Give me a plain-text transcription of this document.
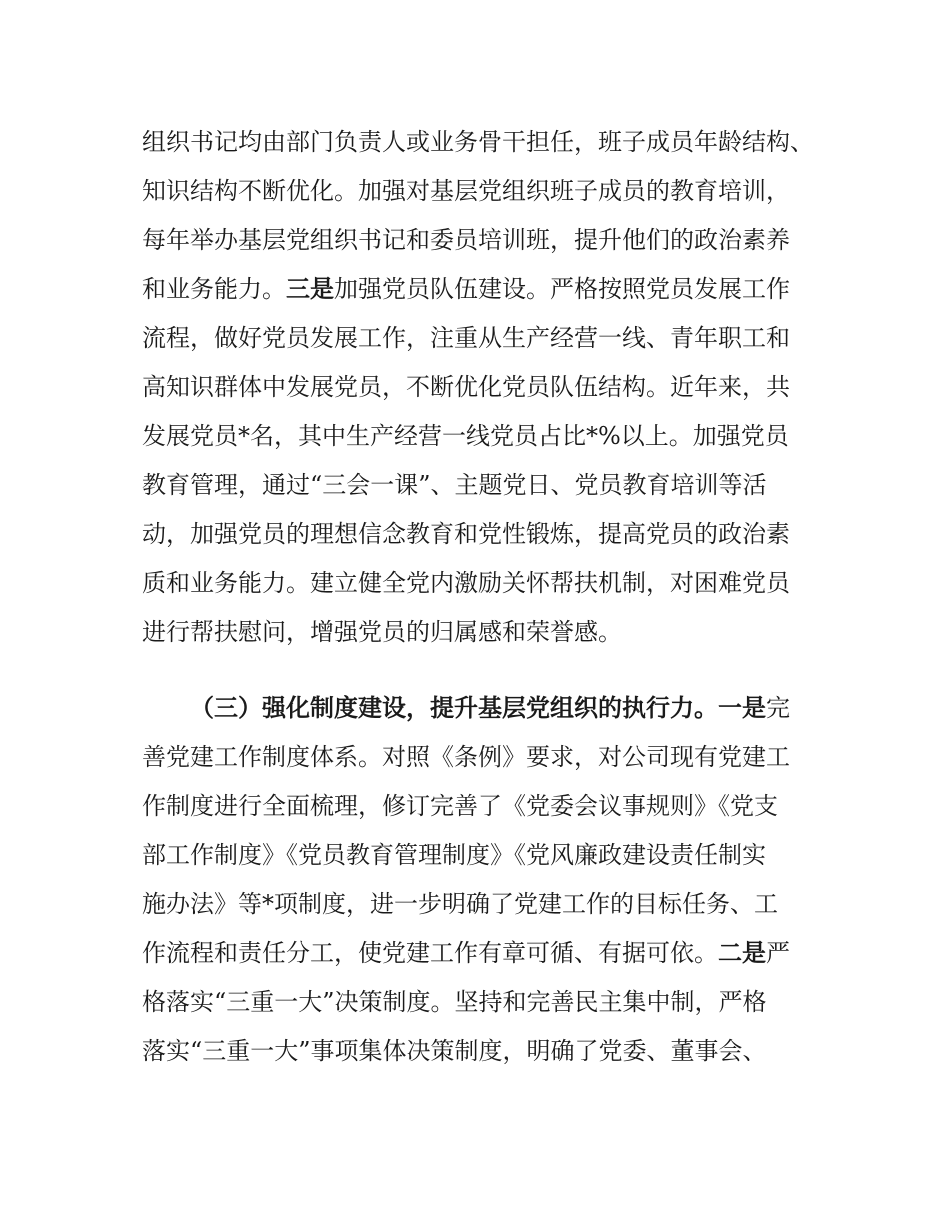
组织书记均由部门负责人或业务骨干担任，班子成员年龄结构、
知识结构不断优化。加强对基层党组织班子成员的教育培训，
每年举办基层党组织书记和委员培训班，提升他们的政治素养
和业务能力。三是加强党员队伍建设。严格按照党员发展工作
流程，做好党员发展工作，注重从生产经营一线、青年职工和
高知识群体中发展党员，不断优化党员队伍结构。近年来，共
发展党员*名，其中生产经营一线党员占比*%以上。加强党员
教育管理，通过“三会一课”、主题党日、党员教育培训等活
动，加强党员的理想信念教育和党性锻炼，提高党员的政治素
质和业务能力。建立健全党内激励关怀帮扶机制，对困难党员
进行帮扶慰问，增强党员的归属感和荣誉感。
（三）强化制度建设，提升基层党组织的执行力。一是完
善党建工作制度体系。对照《条例》要求，对公司现有党建工
作制度进行全面梳理，修订完善了《党委会议事规则》《党支
部工作制度》《党员教育管理制度》《党风廉政建设责任制实
施办法》等*项制度，进一步明确了党建工作的目标任务、工
作流程和责任分工，使党建工作有章可循、有据可依。二是严
格落实“三重一大”决策制度。坚持和完善民主集中制，严格
落实“三重一大”事项集体决策制度，明确了党委、董事会、
